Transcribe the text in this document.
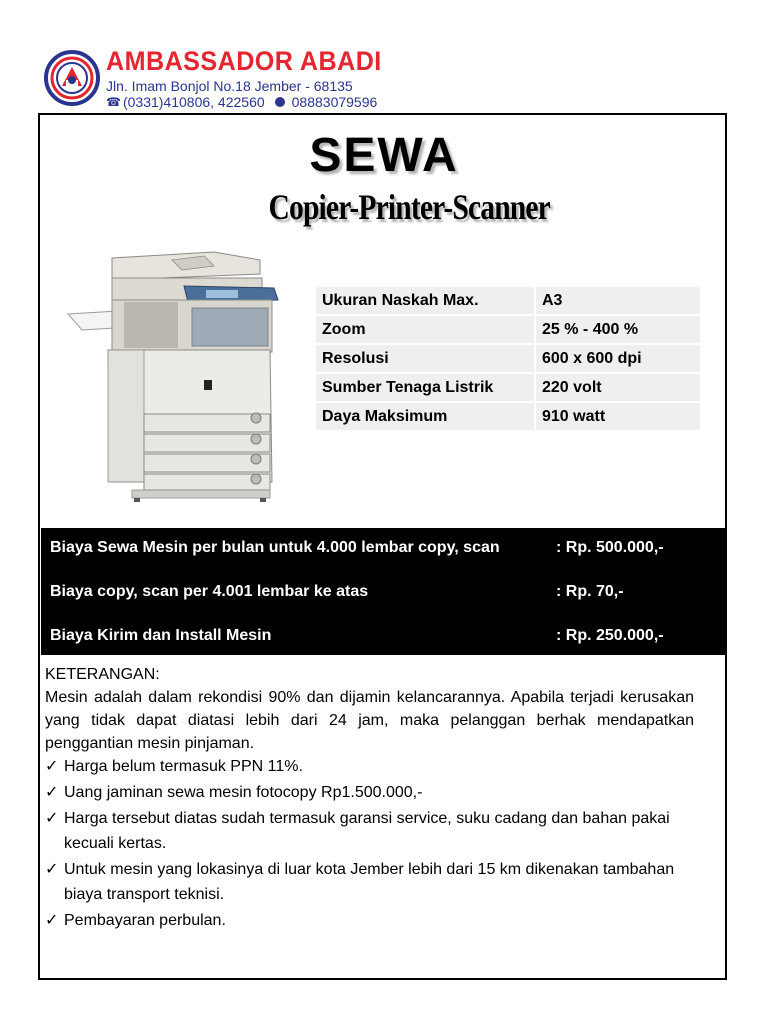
AMBASSADOR ABADI
Jln. Imam Bonjol No.18 Jember - 68135
☎ (0331)410806, 422560 08883079596
SEWA
Copier-Printer-Scanner
Ukuran Naskah Max.	A3
Zoom	25 % - 400 %
Resolusi	600 x 600 dpi
Sumber Tenaga Listrik	220 volt
Daya Maksimum	910 watt
Biaya Sewa Mesin per bulan untuk 4.000 lembar copy, scan	: Rp. 500.000,-
Biaya copy, scan per 4.001 lembar ke atas	: Rp. 70,-
Biaya Kirim dan Install Mesin	: Rp. 250.000,-
KETERANGAN:
Mesin adalah dalam rekondisi 90% dan dijamin kelancarannya. Apabila terjadi kerusakan yang tidak dapat diatasi lebih dari 24 jam, maka pelanggan berhak mendapatkan penggantian mesin pinjaman.
✓ Harga belum termasuk PPN 11%.
✓ Uang jaminan sewa mesin fotocopy Rp1.500.000,-
✓ Harga tersebut diatas sudah termasuk garansi service, suku cadang dan bahan pakai kecuali kertas.
✓ Untuk mesin yang lokasinya di luar kota Jember lebih dari 15 km dikenakan tambahan biaya transport teknisi.
✓ Pembayaran perbulan.
